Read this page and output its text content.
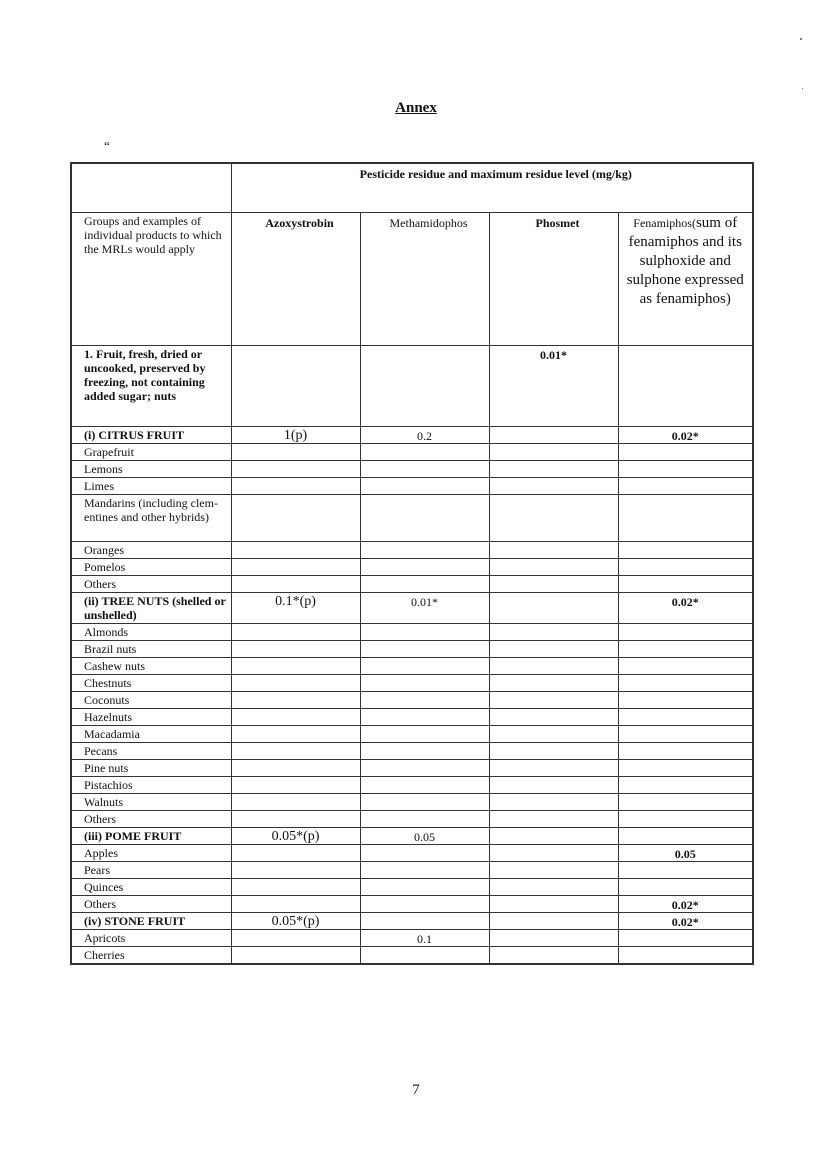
Annex
“
	Pesticide residue and maximum residue level (mg/kg)			
Groups and examples of individual products to which the MRLs would apply	Azoxystrobin	Methamidophos	Phosmet	Fenamiphos(sum of fenamiphos and its sulphoxide and sulphone expressed as fenamiphos)
1. Fruit, fresh, dried or uncooked, preserved by freezing, not containing added sugar; nuts			0.01*	
(i) CITRUS FRUIT	1(p)	0.2		0.02*
Grapefruit				
Lemons				
Limes				
Mandarins (including clem-entines and other hybrids)				
Oranges				
Pomelos				
Others				
(ii) TREE NUTS (shelled or unshelled)	0.1*(p)	0.01*		0.02*
Almonds				
Brazil nuts				
Cashew nuts				
Chestnuts				
Coconuts				
Hazelnuts				
Macadamia				
Pecans				
Pine nuts				
Pistachios				
Walnuts				
Others				
(iii) POME FRUIT	0.05*(p)	0.05		
Apples				0.05
Pears				
Quinces				
Others				0.02*
(iv) STONE FRUIT	0.05*(p)			0.02*
Apricots		0.1		
Cherries				
7
